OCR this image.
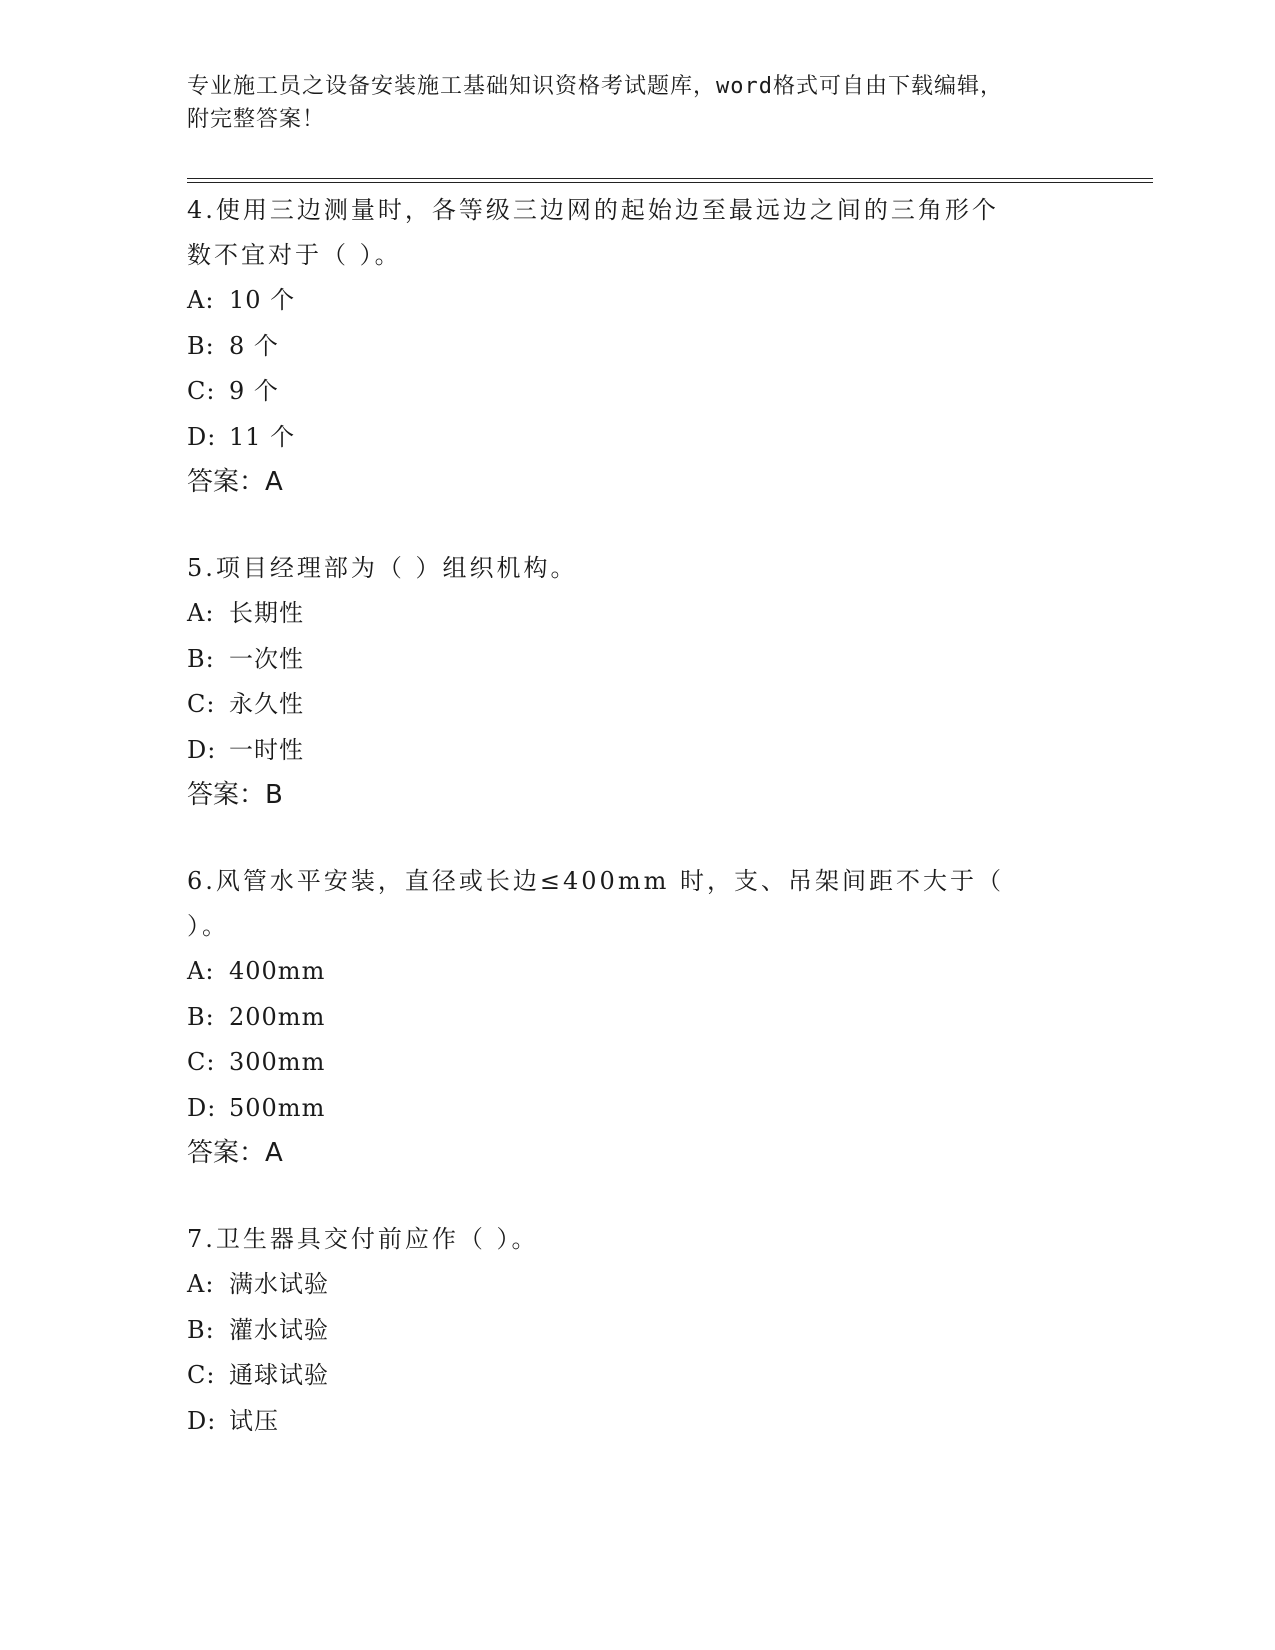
专业施工员之设备安装施工基础知识资格考试题库，word格式可自由下载编辑，
附完整答案！
4.使用三边测量时，各等级三边网的起始边至最远边之间的三角形个数不宜对于（ ）。
A: 10 个
B: 8 个
C: 9 个
D: 11 个
答案：A
5.项目经理部为（ ）组织机构。
A: 长期性
B: 一次性
C: 永久性
D: 一时性
答案：B
6.风管水平安装，直径或长边≤400mm 时，支、吊架间距不大于（ ）。
A: 400mm
B: 200mm
C: 300mm
D: 500mm
答案：A
7.卫生器具交付前应作（ ）。
A: 满水试验
B: 灌水试验
C: 通球试验
D: 试压
